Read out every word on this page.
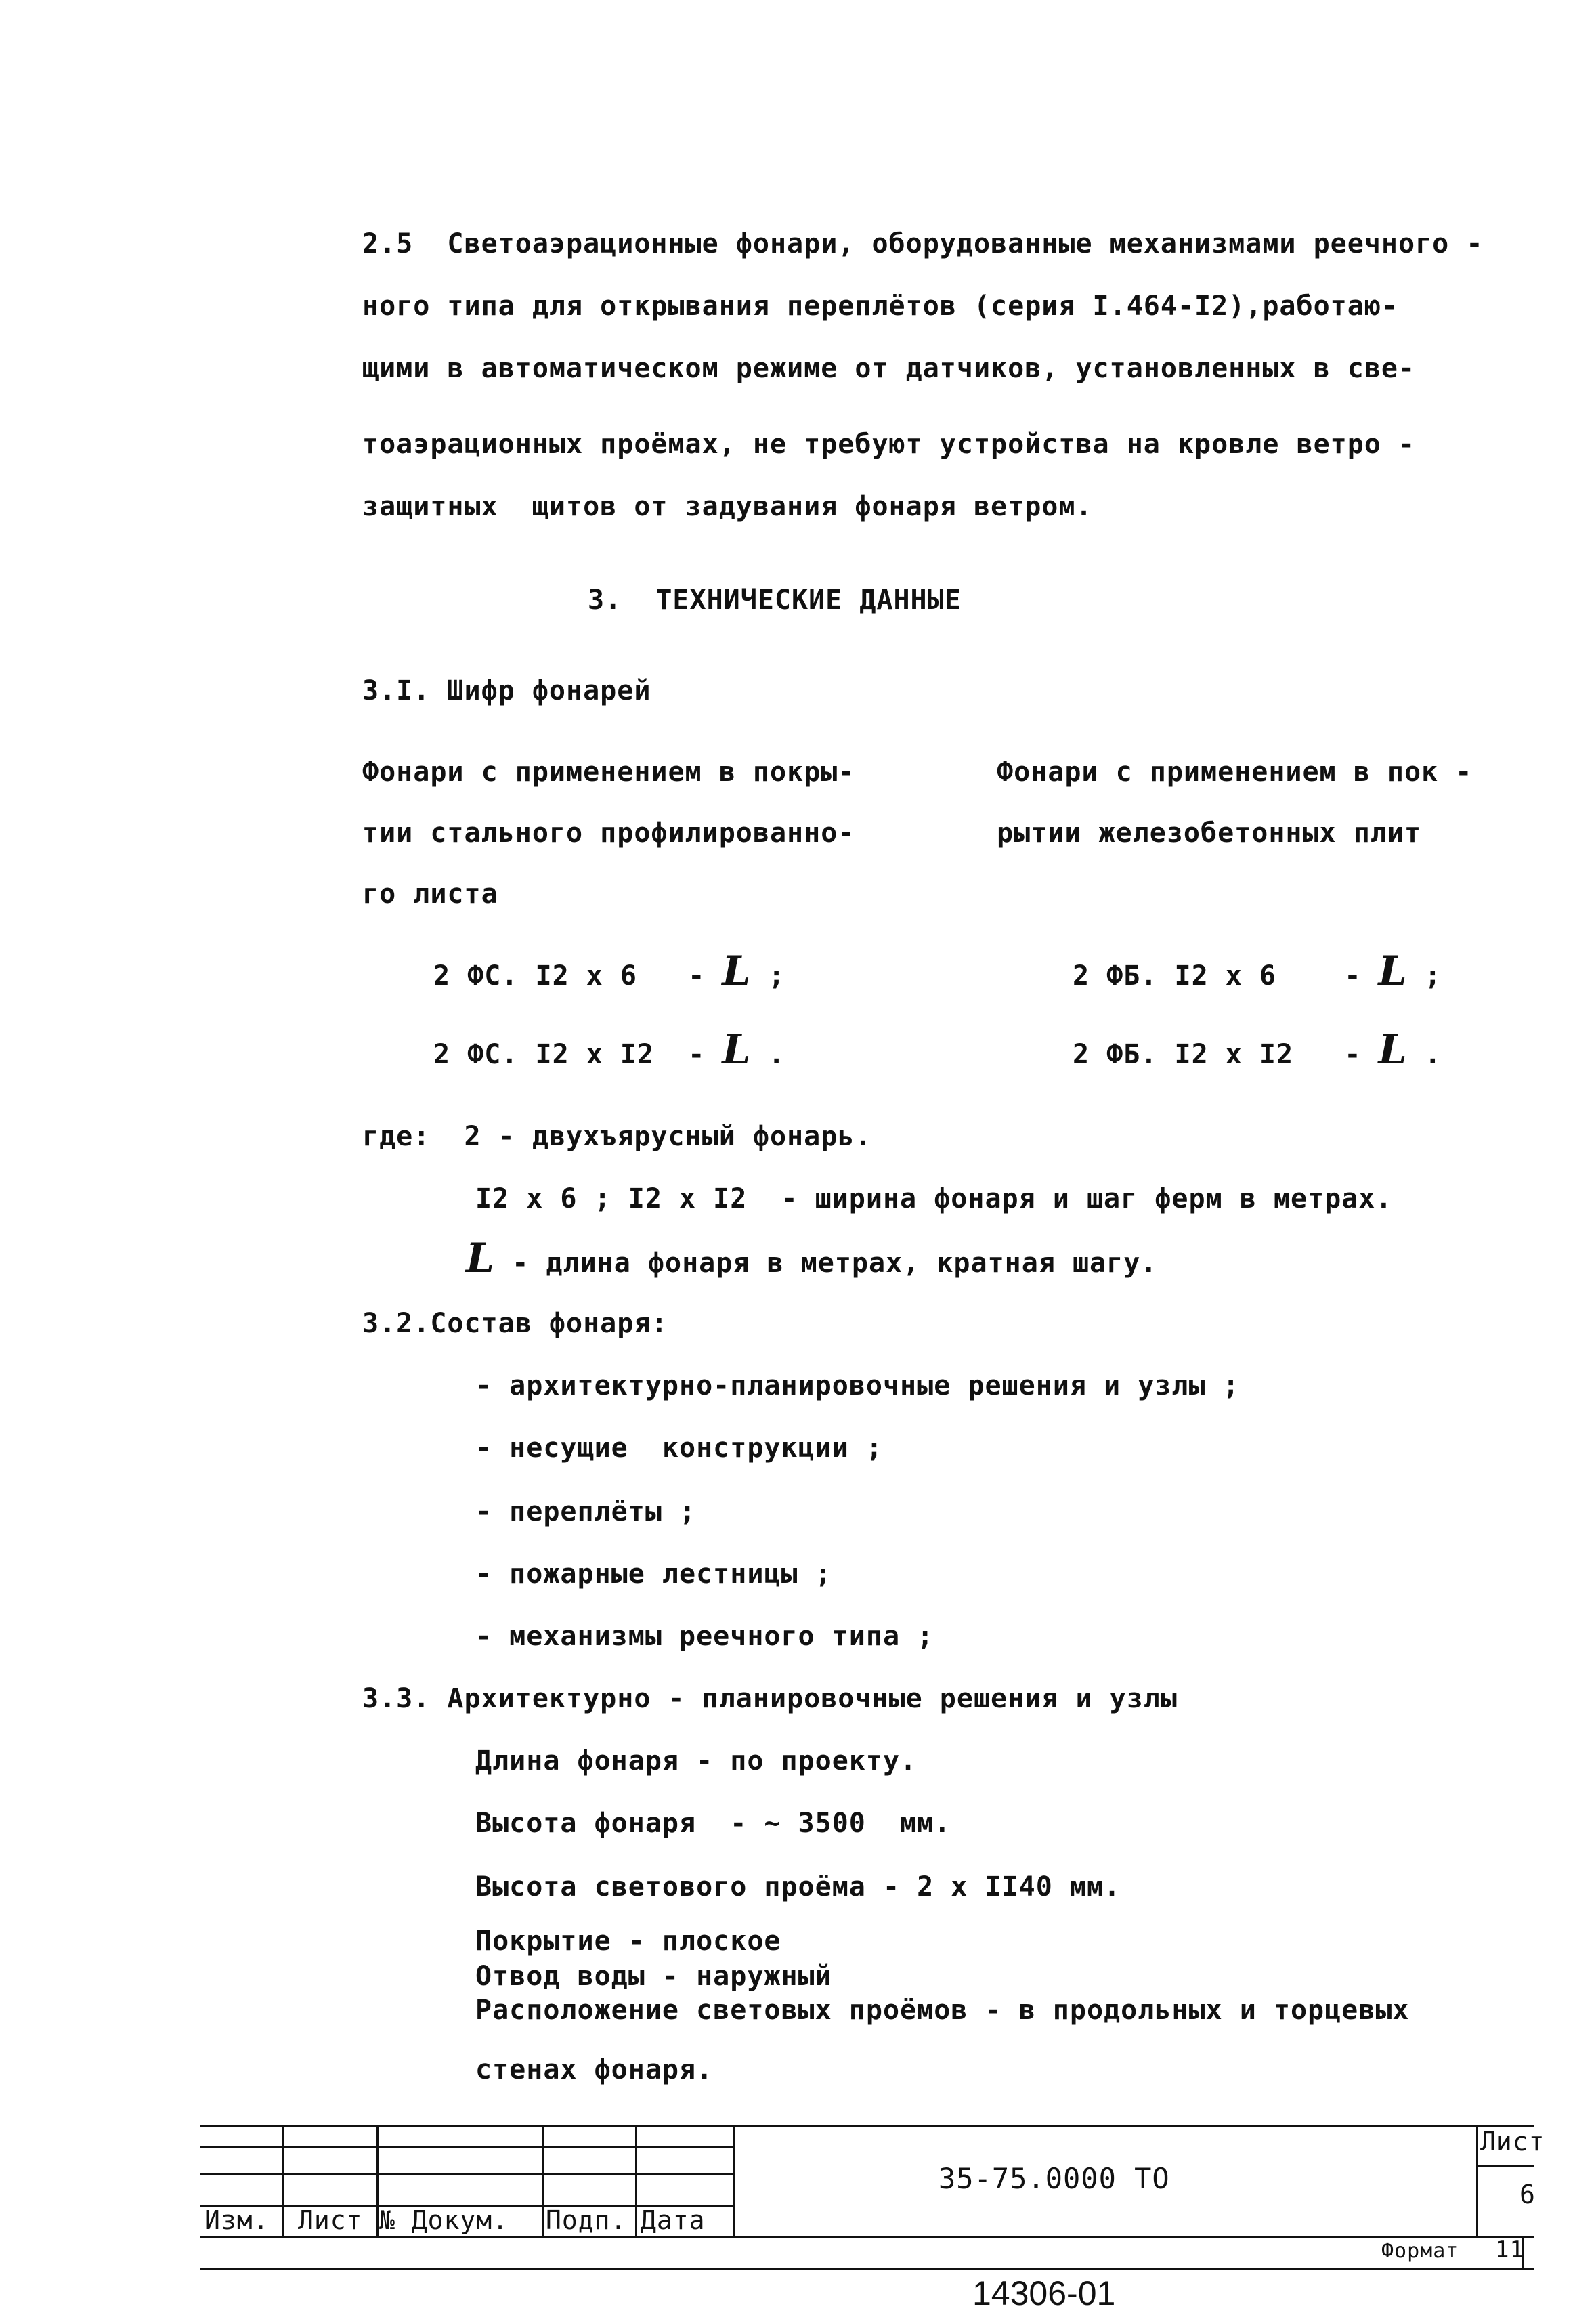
2.5  Светоаэрационные фонари, оборудованные механизмами реечного -
ного типа для открывания переплётов (серия I.464-I2),работаю-
щими в автоматическом режиме от датчиков, установленных в све-
тоаэрационных проёмах, не требуют устройства на кровле ветро -
защитных  щитов от задувания фонаря ветром.
3.  ТЕХНИЧЕСКИЕ ДАННЫЕ
3.I. Шифр фонарей
Фонари с применением в покры-
тии стального профилированно-
го листа
Фонари с применением в пок -
рытии железобетонных плит
2 ФС. I2 x 6   - L ;
2 ФС. I2 x I2  - L .
2 ФБ. I2 x 6    - L ;
2 ФБ. I2 x I2   - L .
где:  2 - двухъярусный фонарь.
I2 x 6 ; I2 x I2  - ширина фонаря и шаг ферм в метрах.
L - длина фонаря в метрах, кратная шагу.
3.2.Состав фонаря:
- архитектурно-планировочные решения и узлы ;
- несущие  конструкции ;
- переплёты ;
- пожарные лестницы ;
- механизмы реечного типа ;
3.3. Архитектурно - планировочные решения и узлы
Длина фонаря - по проекту.
Высота фонаря  - ~ 3500  мм.
Высота светового проёма - 2 x II40 мм.
Покрытие - плоское
Отвод воды - наружный
Расположение световых проёмов - в продольных и торцевых
стенах фонаря.
Изм. Лист № Докум. Подп. Дата
35-75.0000 ТО
Лист
6
Формат 11
14306-01
